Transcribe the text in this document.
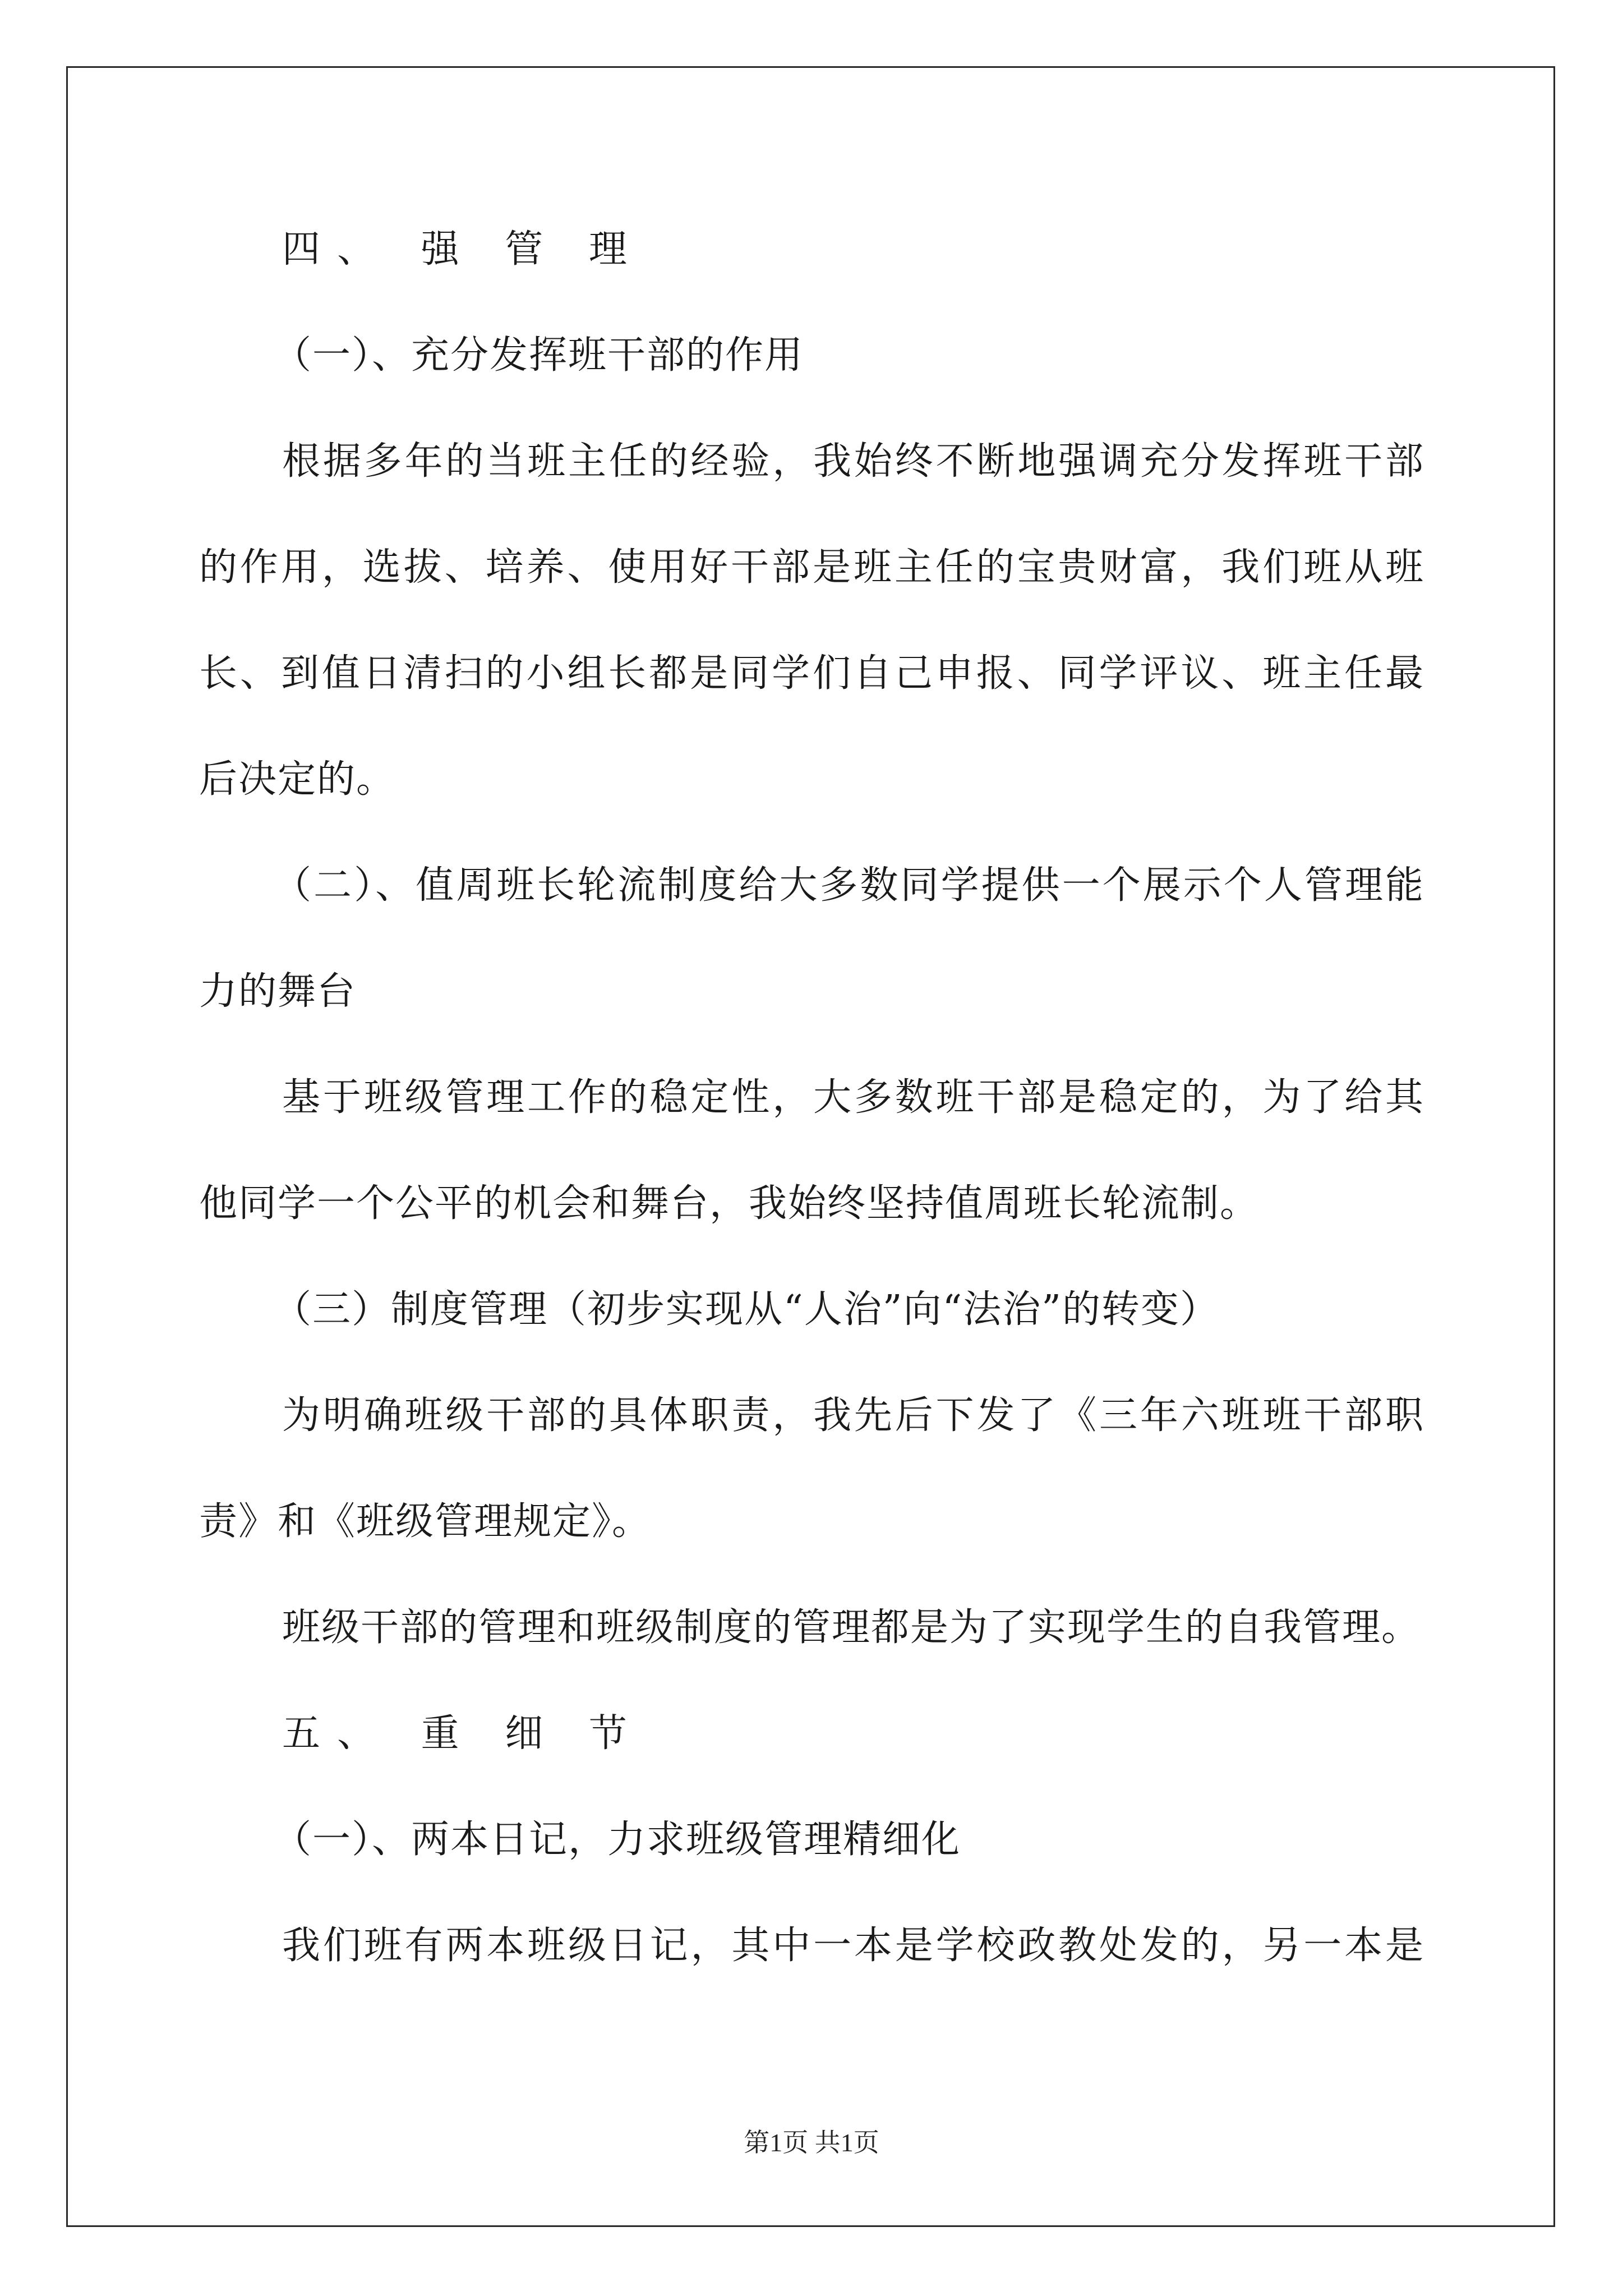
四、 强 管 理
（一）、充分发挥班干部的作用
根据多年的当班主任的经验，我始终不断地强调充分发挥班干部
的作用，选拔、培养、使用好干部是班主任的宝贵财富，我们班从班
长、到值日清扫的小组长都是同学们自己申报、同学评议、班主任最
后决定的。
（二）、值周班长轮流制度给大多数同学提供一个展示个人管理能
力的舞台
基于班级管理工作的稳定性，大多数班干部是稳定的，为了给其
他同学一个公平的机会和舞台，我始终坚持值周班长轮流制。
（三）制度管理（初步实现从“人治”向“法治”的转变）
为明确班级干部的具体职责，我先后下发了《三年六班班干部职
责》和《班级管理规定》。
班级干部的管理和班级制度的管理都是为了实现学生的自我管理。
五、 重 细 节
（一）、两本日记，力求班级管理精细化
我们班有两本班级日记，其中一本是学校政教处发的，另一本是
第1页 共1页
